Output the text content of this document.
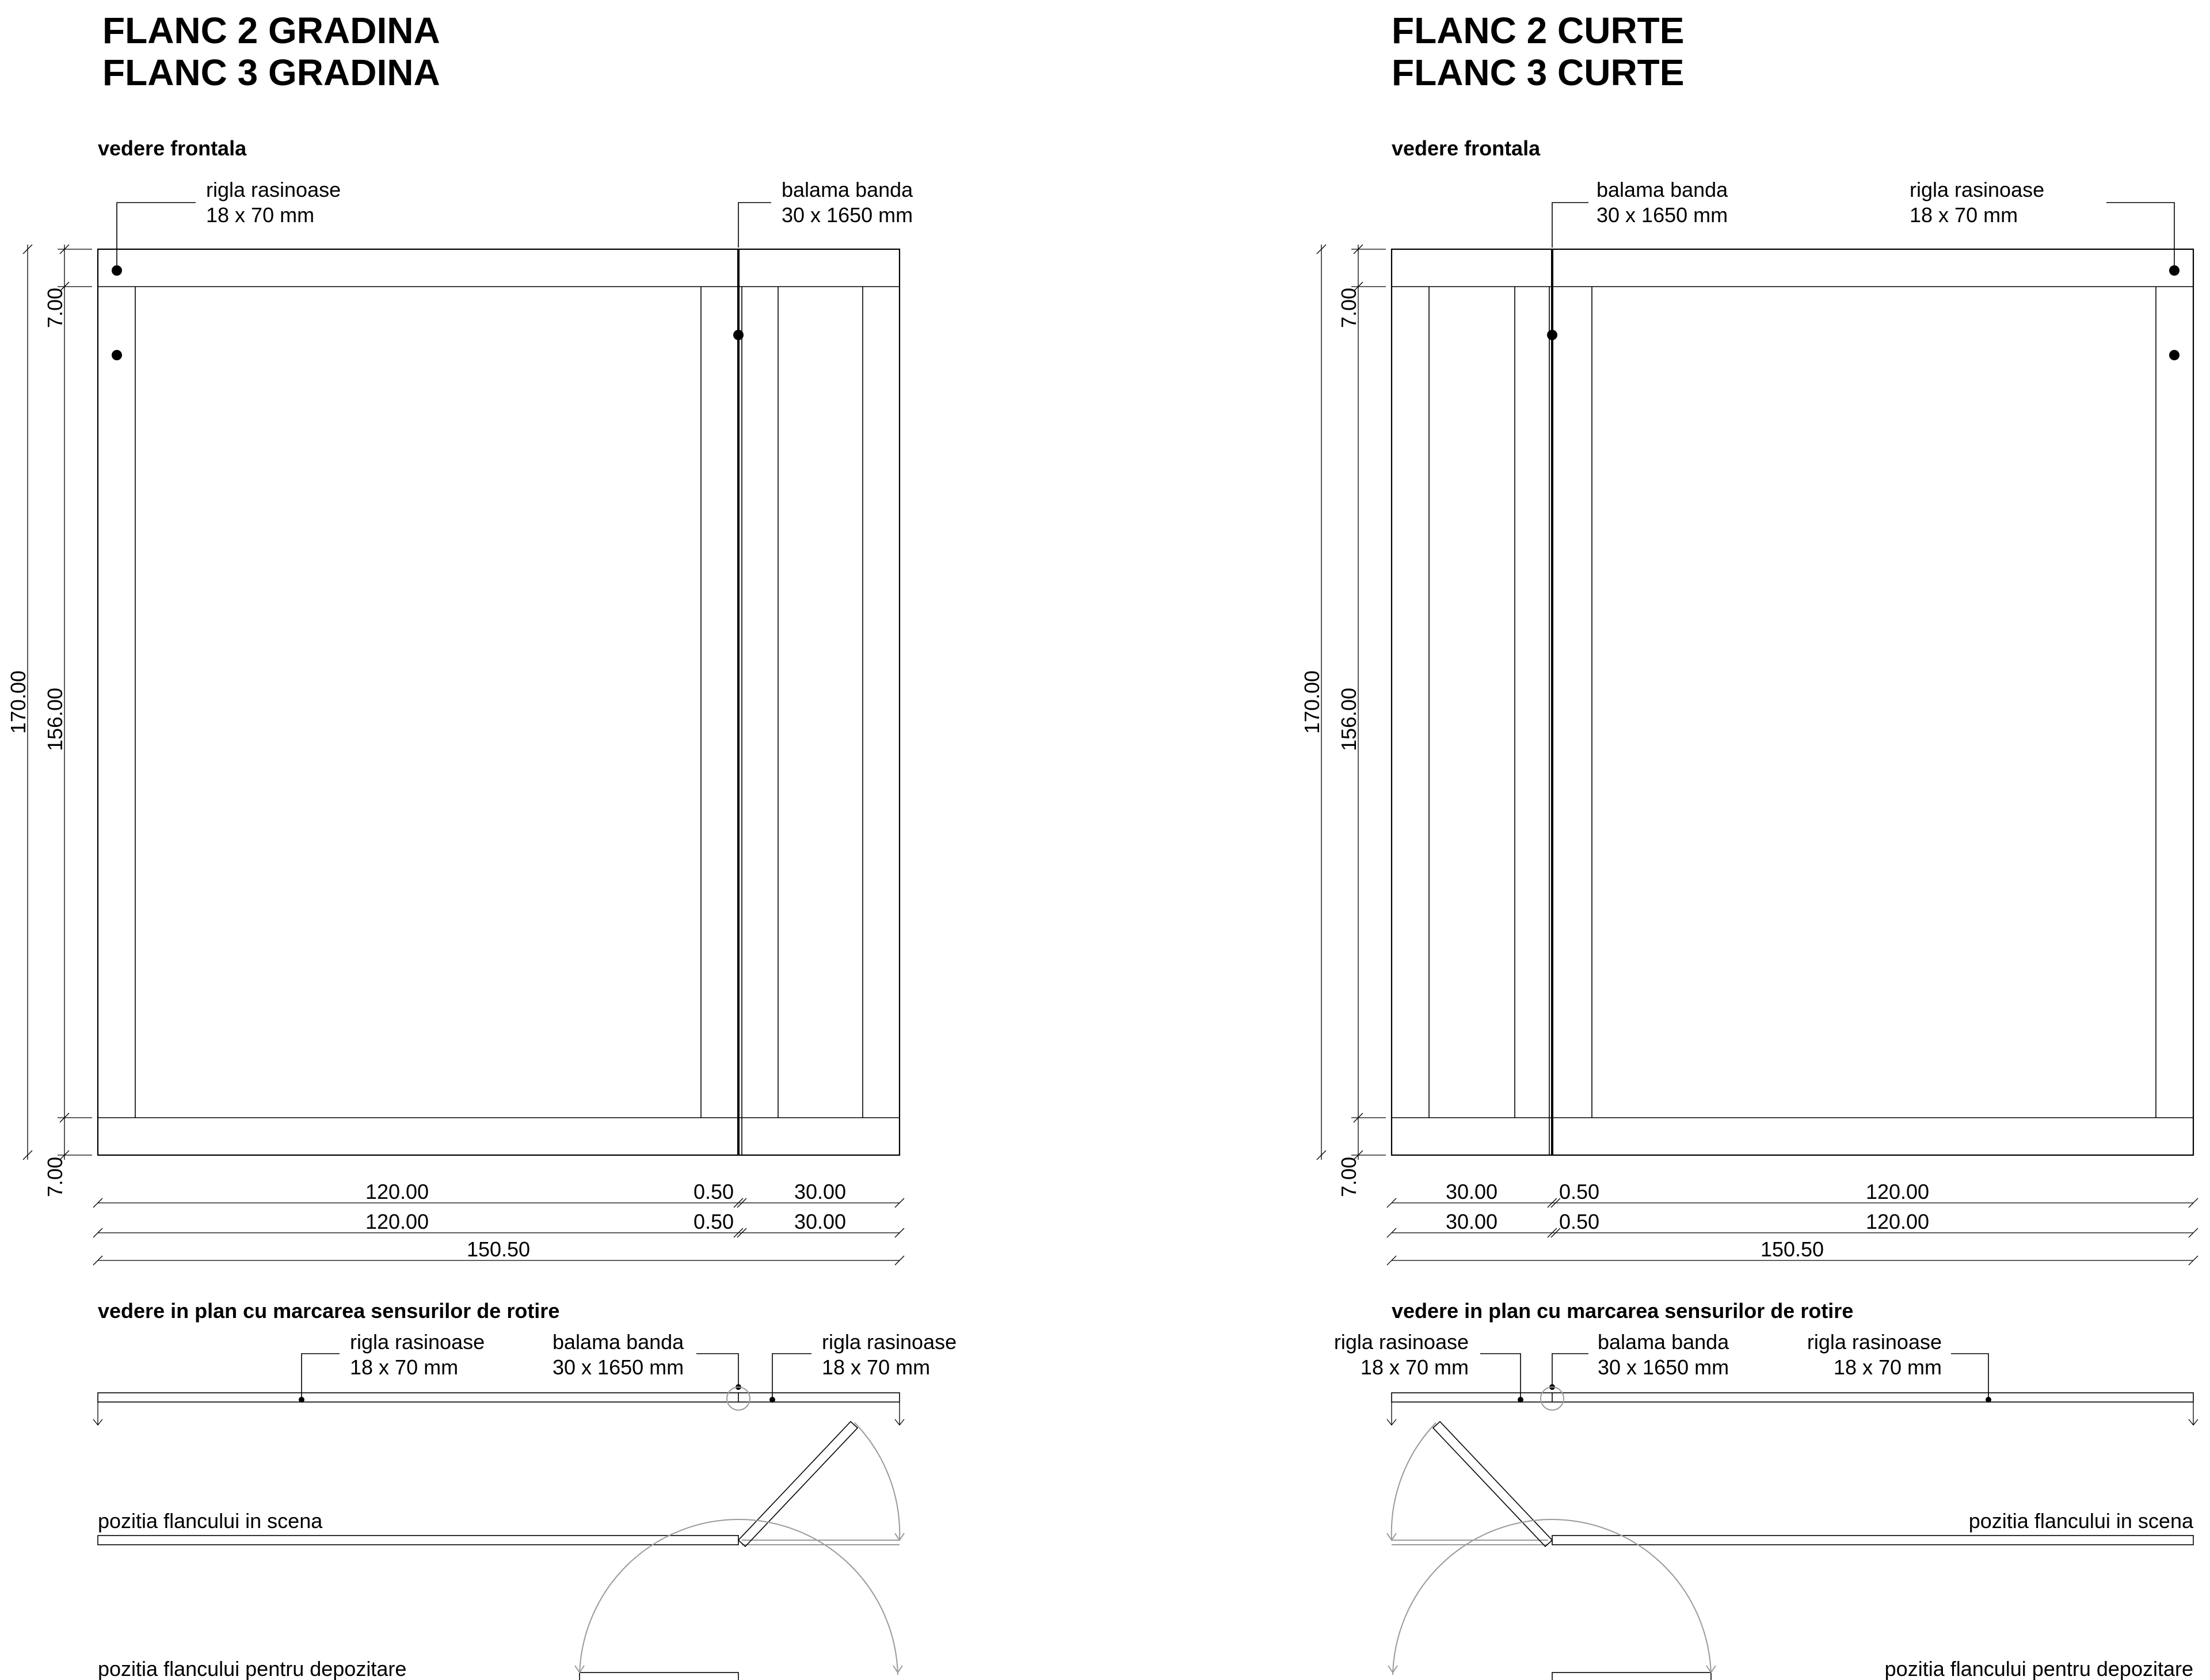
FLANC 2 GRADINA
FLANC 3 GRADINA
vedere frontala
rigla rasinoase
18 x 70 mm
balama banda
30 x 1650 mm
170.00
7.00
156.00
7.00	120.00	0.50	30.00
120.00	0.50	30.00
150.50
vedere in plan cu marcarea sensurilor de rotire
rigla rasinoase
18 x 70 mm
balama banda
30 x 1650 mm
rigla rasinoase
18 x 70 mm
pozitia flancului in scena
pozitia flancului pentru depozitare
FLANC 2 CURTE
FLANC 3 CURTE
vedere frontala
balama banda
30 x 1650 mm
rigla rasinoase
18 x 70 mm
170.00
7.00
156.00
7.00	30.00	0.50	120.00
30.00	0.50	120.00
150.50
vedere in plan cu marcarea sensurilor de rotire
rigla rasinoase
18 x 70 mm
balama banda
30 x 1650 mm
rigla rasinoase
18 x 70 mm
pozitia flancului in scena
pozitia flancului pentru depozitare
